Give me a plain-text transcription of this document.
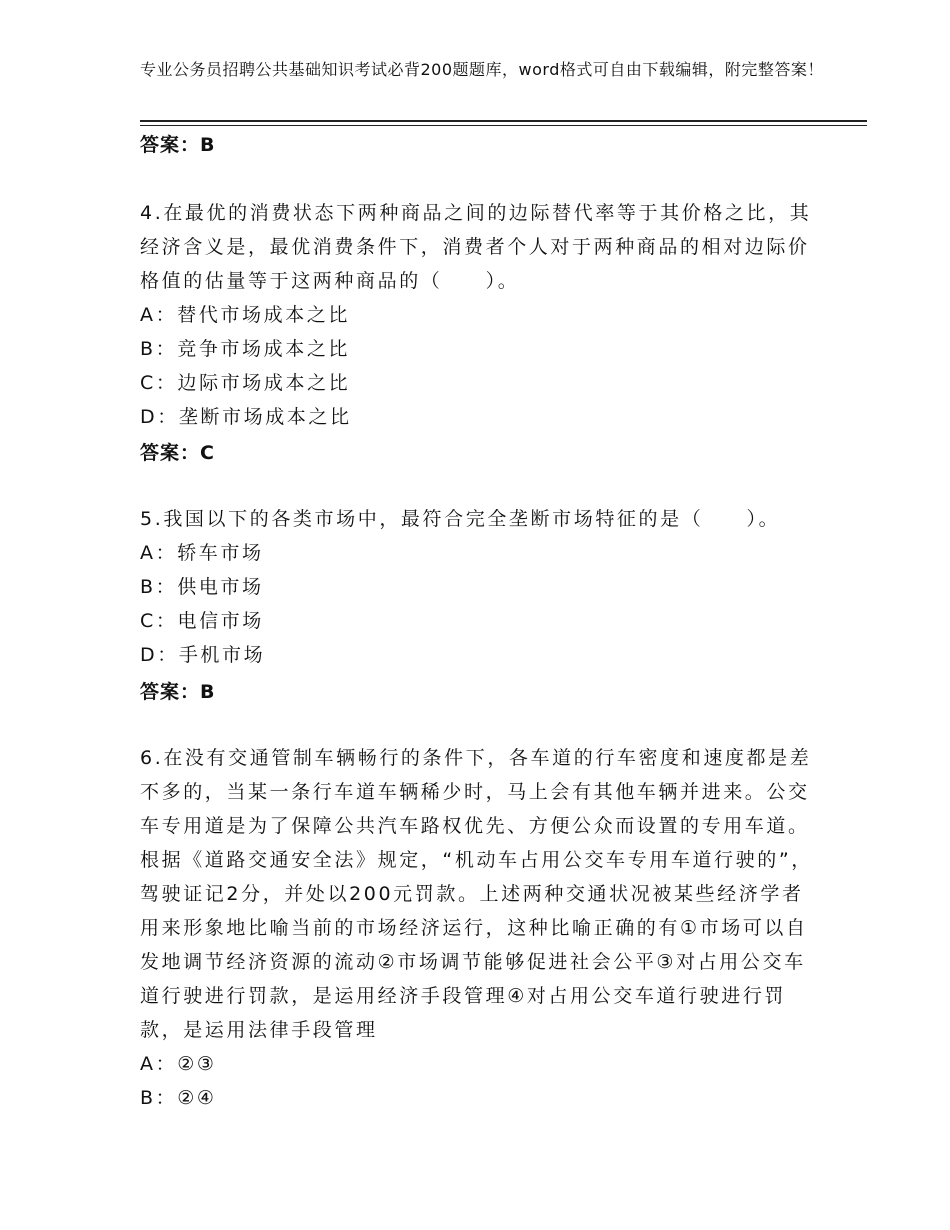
专业公务员招聘公共基础知识考试必背200题题库，word格式可自由下载编辑，附完整答案！
答案：B
4.在最优的消费状态下两种商品之间的边际替代率等于其价格之比，其经济含义是，最优消费条件下，消费者个人对于两种商品的相对边际价格值的估量等于这两种商品的（　　）。
A：替代市场成本之比
B：竞争市场成本之比
C：边际市场成本之比
D：垄断市场成本之比
答案：C
5.我国以下的各类市场中，最符合完全垄断市场特征的是（　　）。
A：轿车市场
B：供电市场
C：电信市场
D：手机市场
答案：B
6.在没有交通管制车辆畅行的条件下，各车道的行车密度和速度都是差不多的，当某一条行车道车辆稀少时，马上会有其他车辆并进来。公交车专用道是为了保障公共汽车路权优先、方便公众而设置的专用车道。根据《道路交通安全法》规定，“机动车占用公交车专用车道行驶的”，驾驶证记2分，并处以200元罚款。上述两种交通状况被某些经济学者用来形象地比喻当前的市场经济运行，这种比喻正确的有①市场可以自发地调节经济资源的流动②市场调节能够促进社会公平③对占用公交车道行驶进行罚款，是运用经济手段管理④对占用公交车道行驶进行罚款，是运用法律手段管理
A：②③
B：②④
